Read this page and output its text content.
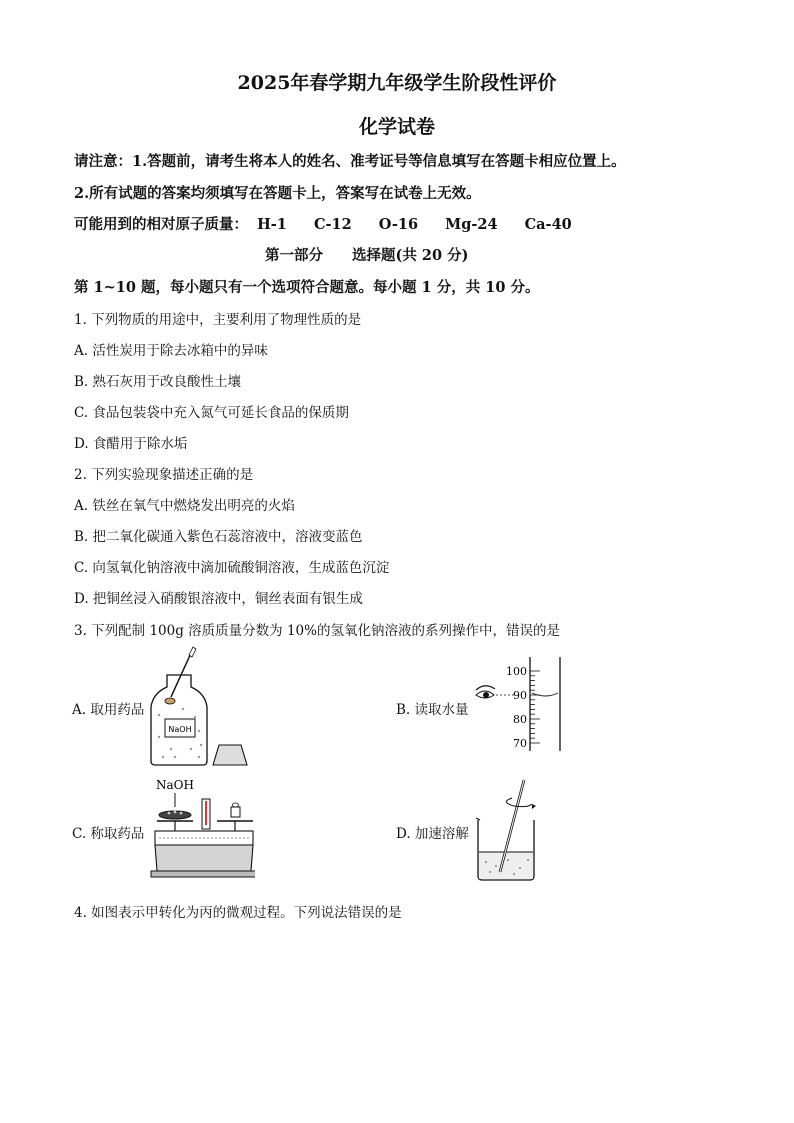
2025年春学期九年级学生阶段性评价
化学试卷
请注意：1.答题前，请考生将本人的姓名、准考证号等信息填写在答题卡相应位置上。
2.所有试题的答案均须填写在答题卡上，答案写在试卷上无效。
可能用到的相对原子质量： H-1 C-12 O-16 Mg-24 Ca-40
第一部分　　选择题(共 20 分)
第 1~10 题，每小题只有一个选项符合题意。每小题 1 分，共 10 分。
1. 下列物质的用途中，主要利用了物理性质的是
A. 活性炭用于除去冰箱中的异味
B. 熟石灰用于改良酸性土壤
C. 食品包装袋中充入氮气可延长食品的保质期
D. 食醋用于除水垢
2. 下列实验现象描述正确的是
A. 铁丝在氧气中燃烧发出明亮的火焰
B. 把二氧化碳通入紫色石蕊溶液中，溶液变蓝色
C. 向氢氧化钠溶液中滴加硫酸铜溶液，生成蓝色沉淀
D. 把铜丝浸入硝酸银溶液中，铜丝表面有银生成
3. 下列配制 100g 溶质质量分数为 10%的氢氧化钠溶液的系列操作中，错误的是
A. 取用药品	B. 读取水量
C. 称取药品	D. 加速溶解
NaOH
100
90
80
70
NaOH
4. 如图表示甲转化为丙的微观过程。下列说法错误的是
